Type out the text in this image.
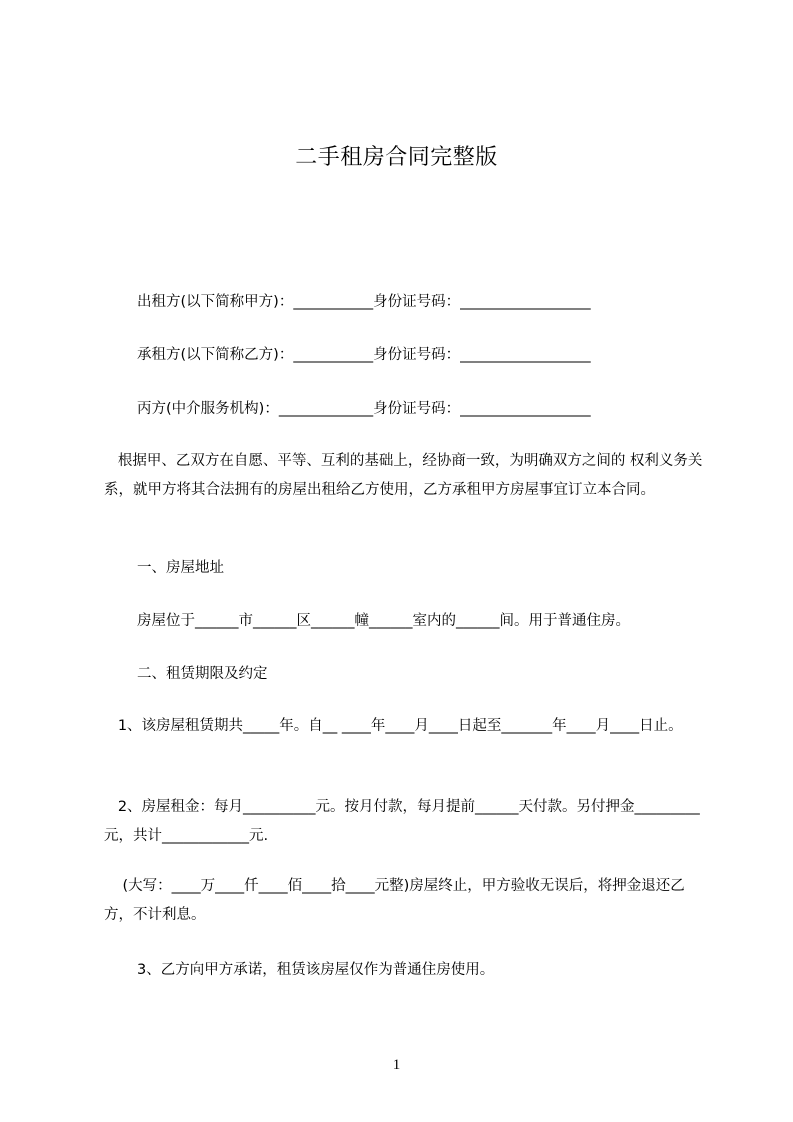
二手租房合同完整版
出租方(以下简称甲方)：___________身份证号码：__________________
承租方(以下简称乙方)：___________身份证号码：__________________
丙方(中介服务机构)：_____________身份证号码：__________________
根据甲、乙双方在自愿、平等、互利的基础上，经协商一致，为明确双方之间的 权利义务关系，就甲方将其合法拥有的房屋出租给乙方使用，乙方承租甲方房屋事宜订立本合同。
一、房屋地址
房屋位于______市______区______幢______室内的______间。用于普通住房。
二、租赁期限及约定
1、该房屋租赁期共_____年。自__ ____年____月____日起至_______年____月____日止。
2、房屋租金：每月__________元。按月付款，每月提前______天付款。另付押金_________元，共计____________元.
(大写：____万____仟____佰____拾____元整)房屋终止，甲方验收无误后，将押金退还乙方，不计利息。
3、乙方向甲方承诺，租赁该房屋仅作为普通住房使用。
1
